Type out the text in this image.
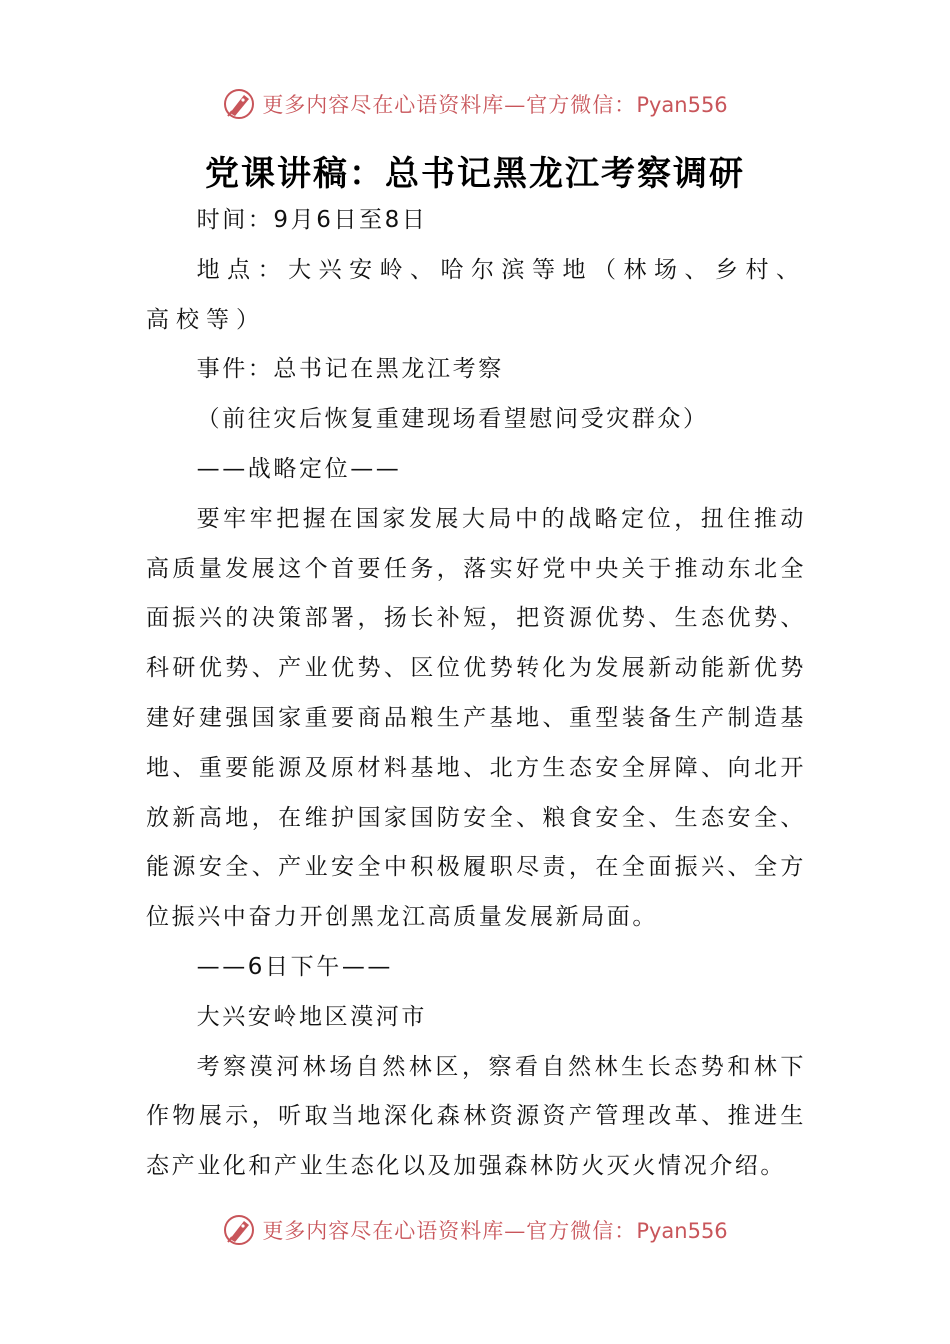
更多内容尽在心语资料库—官方微信：Pyan556
党课讲稿：总书记黑龙江考察调研

时间：9月6日至8日

地点：大兴安岭、哈尔滨等地（林场、乡村、高校等）

事件：总书记在黑龙江考察

（前往灾后恢复重建现场看望慰问受灾群众）

——战略定位——

要牢牢把握在国家发展大局中的战略定位，扭住推动高质量发展这个首要任务，落实好党中央关于推动东北全面振兴的决策部署，扬长补短，把资源优势、生态优势、科研优势、产业优势、区位优势转化为发展新动能新优势建好建强国家重要商品粮生产基地、重型装备生产制造基地、重要能源及原材料基地、北方生态安全屏障、向北开放新高地，在维护国家国防安全、粮食安全、生态安全、能源安全、产业安全中积极履职尽责，在全面振兴、全方位振兴中奋力开创黑龙江高质量发展新局面。

——6日下午——

大兴安岭地区漠河市

考察漠河林场自然林区，察看自然林生长态势和林下作物展示，听取当地深化森林资源资产管理改革、推进生态产业化和产业生态化以及加强森林防火灭火情况介绍。

更多内容尽在心语资料库—官方微信：Pyan556
